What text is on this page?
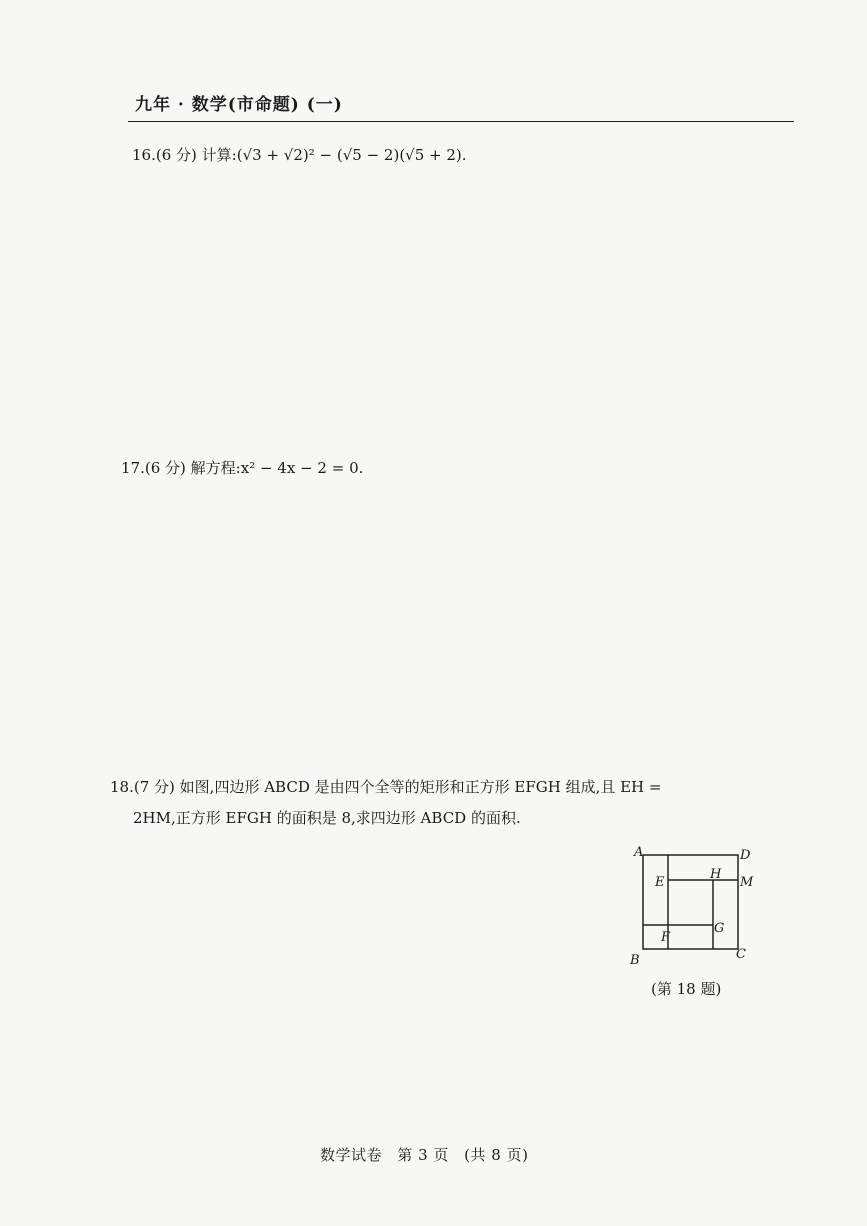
九年 · 数学(市命题) (一)
16.(6 分) 计算:(√3 + √2)² − (√5 − 2)(√5 + 2).
17.(6 分) 解方程:x² − 4x − 2 = 0.
18.(7 分) 如图,四边形 ABCD 是由四个全等的矩形和正方形 EFGH 组成,且 EH =
2HM,正方形 EFGH 的面积是 8,求四边形 ABCD 的面积.
A	D
E
H
M
F
G
B	C
(第 18 题)
数学试卷 第 3 页 (共 8 页)
